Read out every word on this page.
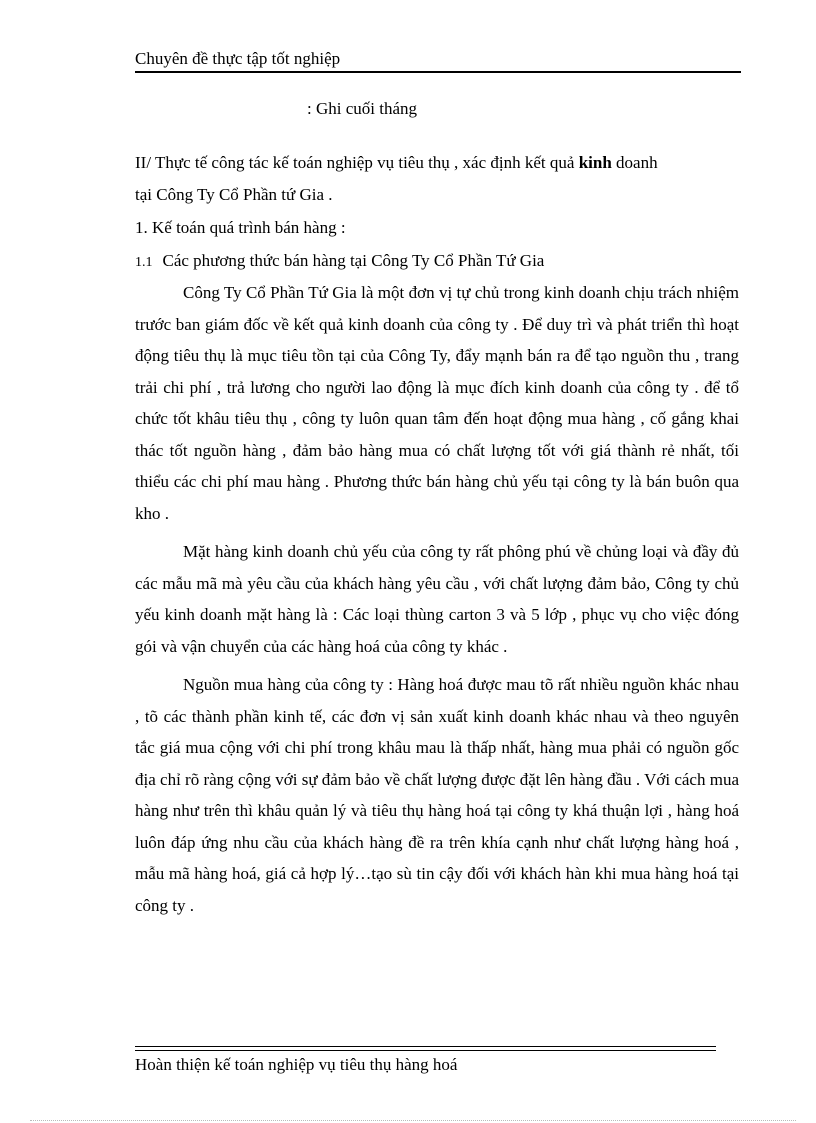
Chuyên đề thực tập tốt nghiệp
: Ghi cuối tháng
II/ Thực tế công tác kế toán nghiệp vụ tiêu thụ , xác định kết quả kinh doanh
tại Công Ty Cổ Phần tứ Gia .
1. Kế toán quá trình bán hàng :
1.1 Các phương thức bán hàng tại Công Ty Cổ Phần Tứ Gia

Công Ty Cổ Phần Tứ Gia là một đơn vị tự chủ trong kinh doanh chịu trách nhiệm trước ban giám đốc về kết quả kinh doanh của công ty . Để duy trì và phát triển thì hoạt động tiêu thụ là mục tiêu tồn tại của Công Ty, đẩy mạnh bán ra để tạo nguồn thu , trang trải chi phí , trả lương cho người lao động là mục đích kinh doanh của công ty . để tổ chức tốt khâu tiêu thụ , công ty luôn quan tâm đến hoạt động mua hàng , cố gắng khai thác tốt nguồn hàng , đảm bảo hàng mua có chất lượng tốt với giá thành rẻ nhất, tối thiểu các chi phí mau hàng . Phương thức bán hàng chủ yếu tại công ty là bán buôn qua kho .

Mặt hàng kinh doanh chủ yếu của công ty rất phông phú về chủng loại và đầy đủ các mẫu mã mà yêu cầu của khách hàng yêu cầu , với chất lượng đảm bảo, Công ty chủ yếu kinh doanh mặt hàng là : Các loại thùng carton 3 và 5 lớp , phục vụ cho việc đóng gói và vận chuyển của các hàng hoá của công ty khác .

Nguồn mua hàng của công ty : Hàng hoá được mau tõ rất nhiều nguồn khác nhau , tõ các thành phần kinh tế, các đơn vị sản xuất kinh doanh khác nhau và theo nguyên tắc giá mua cộng với chi phí trong khâu mau là thấp nhất, hàng mua phải có nguồn gốc địa chỉ rõ ràng cộng với sự đảm bảo về chất lượng được đặt lên hàng đầu . Với cách mua hàng như trên thì khâu quản lý và tiêu thụ hàng hoá tại công ty khá thuận lợi , hàng hoá luôn đáp ứng nhu cầu của khách hàng đề ra trên khía cạnh như chất lượng hàng hoá , mẫu mã hàng hoá, giá cả hợp lý…tạo sù tin cậy đối với khách hàn khi mua hàng hoá tại công ty .

Hoàn thiện kế toán nghiệp vụ tiêu thụ hàng hoá
